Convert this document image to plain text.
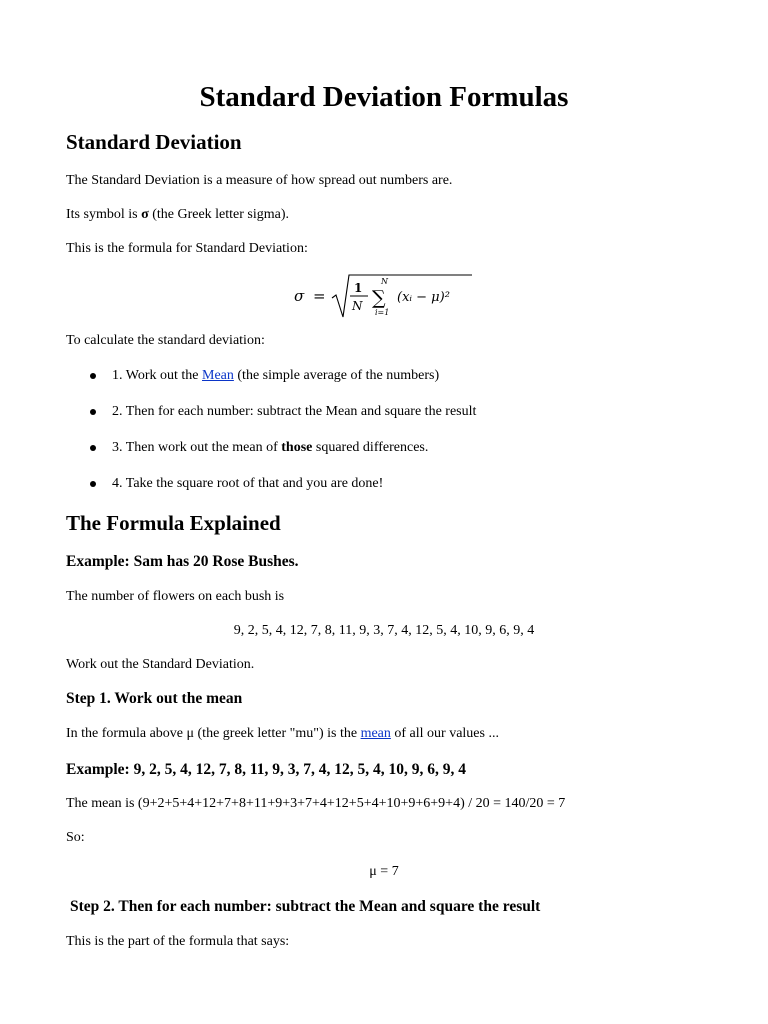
Standard Deviation Formulas
Standard Deviation
The Standard Deviation is a measure of how spread out numbers are.
Its symbol is σ (the Greek letter sigma).
This is the formula for Standard Deviation:
σ = 1
N
N
∑
i=1
(xᵢ − μ)²
To calculate the standard deviation:
1. Work out the Mean (the simple average of the numbers)
2. Then for each number: subtract the Mean and square the result
3. Then work out the mean of those squared differences.
4. Take the square root of that and you are done!
The Formula Explained
Example: Sam has 20 Rose Bushes.
The number of flowers on each bush is
9, 2, 5, 4, 12, 7, 8, 11, 9, 3, 7, 4, 12, 5, 4, 10, 9, 6, 9, 4
Work out the Standard Deviation.
Step 1. Work out the mean
In the formula above μ (the greek letter "mu") is the mean of all our values ...
Example: 9, 2, 5, 4, 12, 7, 8, 11, 9, 3, 7, 4, 12, 5, 4, 10, 9, 6, 9, 4
The mean is (9+2+5+4+12+7+8+11+9+3+7+4+12+5+4+10+9+6+9+4) / 20 = 140/20 = 7
So:
μ = 7
Step 2. Then for each number: subtract the Mean and square the result
This is the part of the formula that says:
